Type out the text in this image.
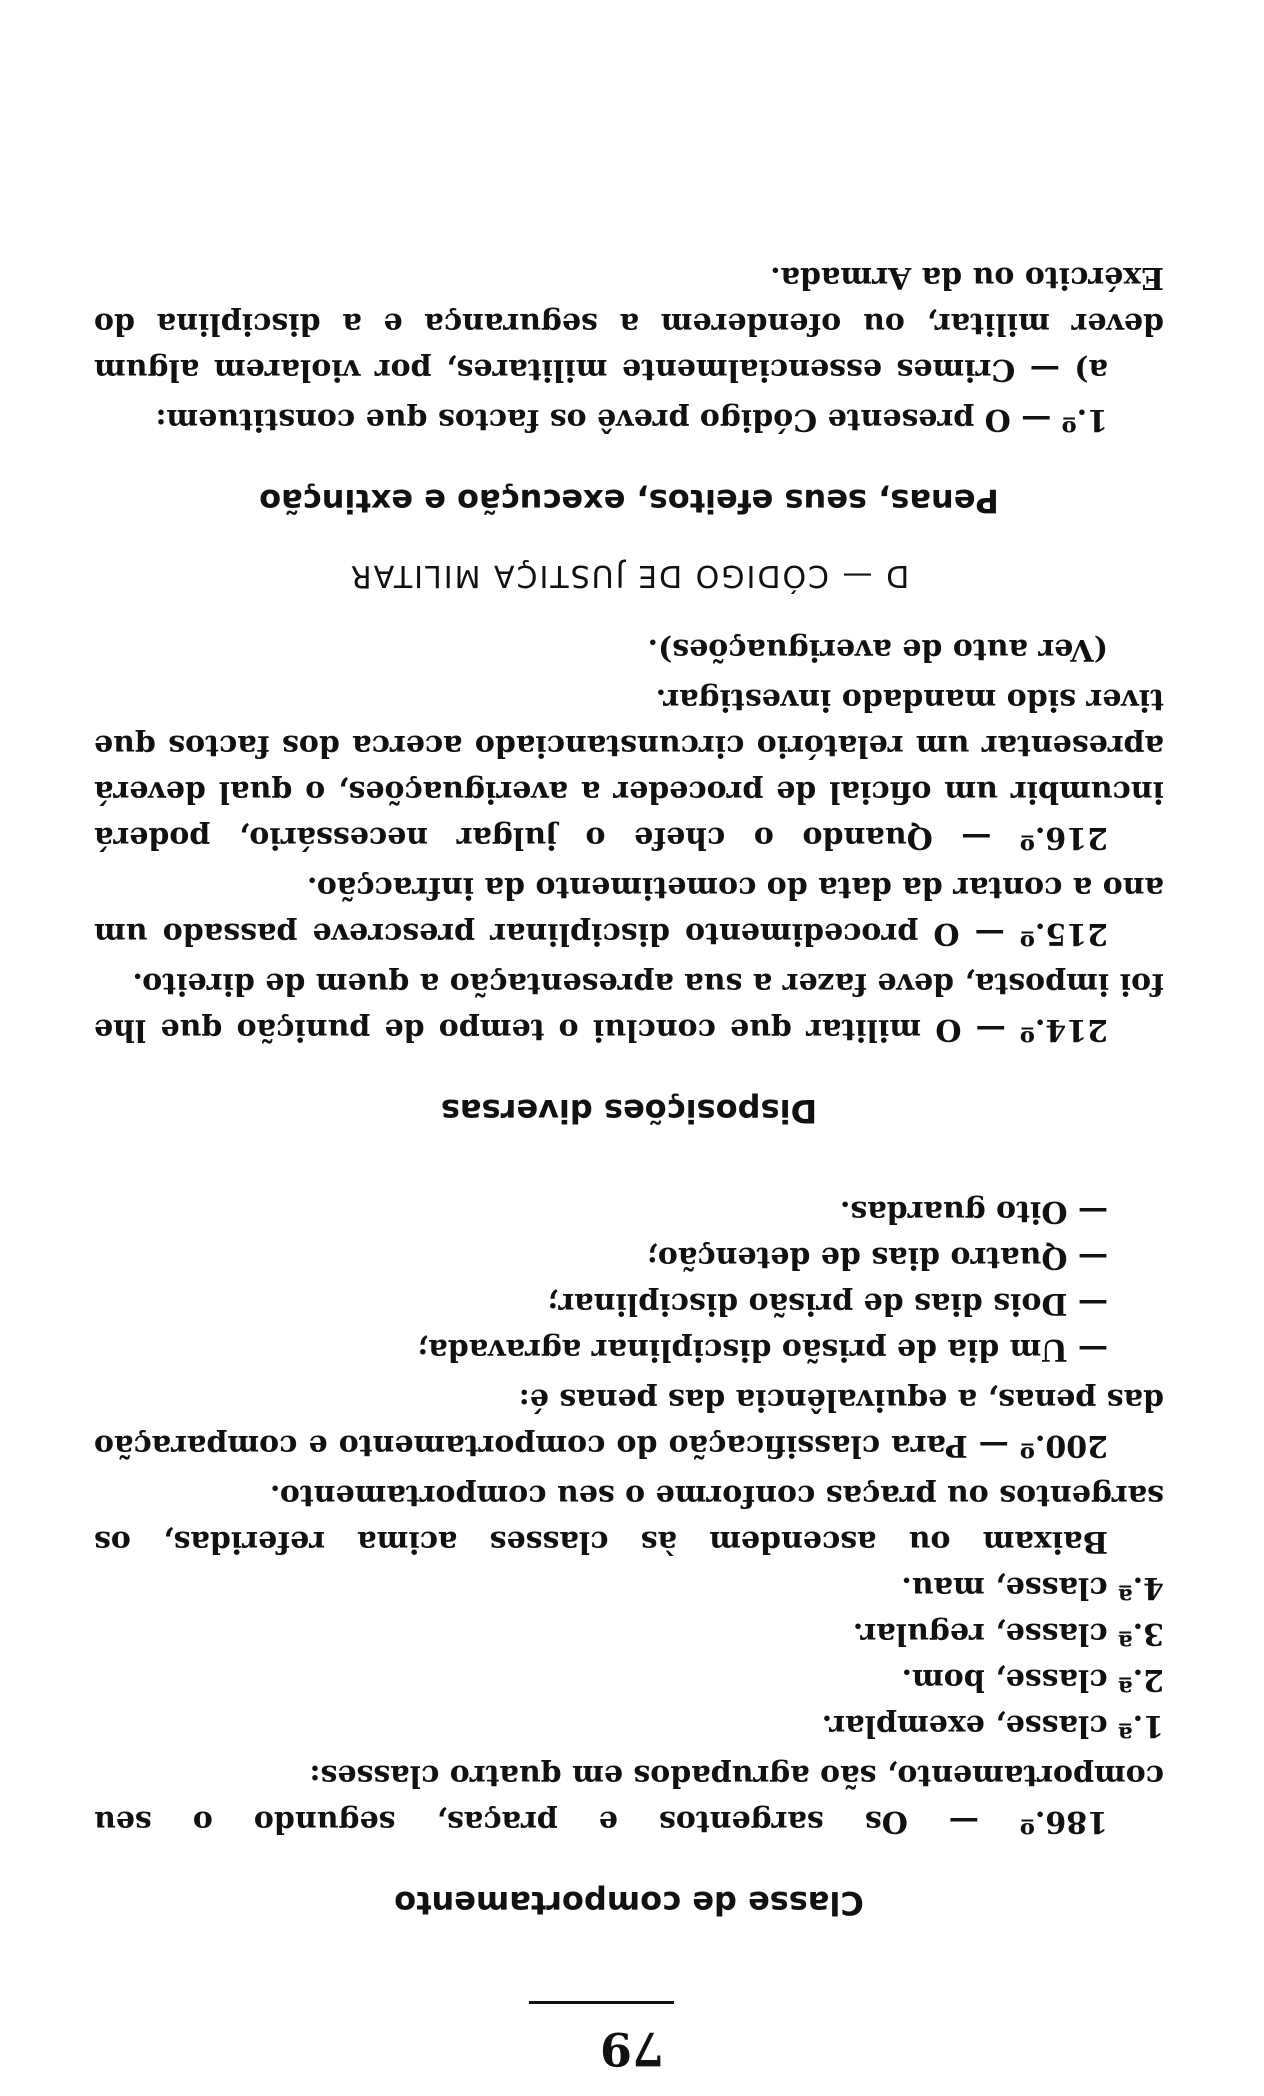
79
Classe de comportamento

186.º — Os sargentos e praças, segundo o seu comportamento, são agrupados em quatro classes:

1.ª classe, exemplar.

2.ª classe, bom.

3.ª classe, regular.

4.ª classe, mau.

Baixam ou ascendem às classes acima referidas, os sargentos ou praças conforme o seu comportamento.

200.º — Para classificação do comportamento e comparação das penas, a equivalência das penas é:

— Um dia de prisão disciplinar agravada;

— Dois dias de prisão disciplinar;

— Quatro dias de detenção;

— Oito guardas.

Disposições diversas

214.º — O militar que conclui o tempo de punição que lhe foi imposta, deve fazer a sua apresentação a quem de direito.

215.º — O procedimento disciplinar prescreve passado um ano a contar da data do cometimento da infracção.

216.º — Quando o chefe o julgar necessário, poderá incumbir um oficial de proceder a averiguações, o qual deverá apresentar um relatório circunstanciado acerca dos factos que tiver sido mandado investigar.

(Ver auto de averiguações).

D — CÓDIGO DE JUSTIÇA MILITAR
Penas, seus efeitos, execução e extinção

1.º — O presente Código prevê os factos que constituem:

a) — Crimes essencialmente militares, por violarem algum dever militar, ou ofenderem a segurança e a disciplina do Exército ou da Armada.
